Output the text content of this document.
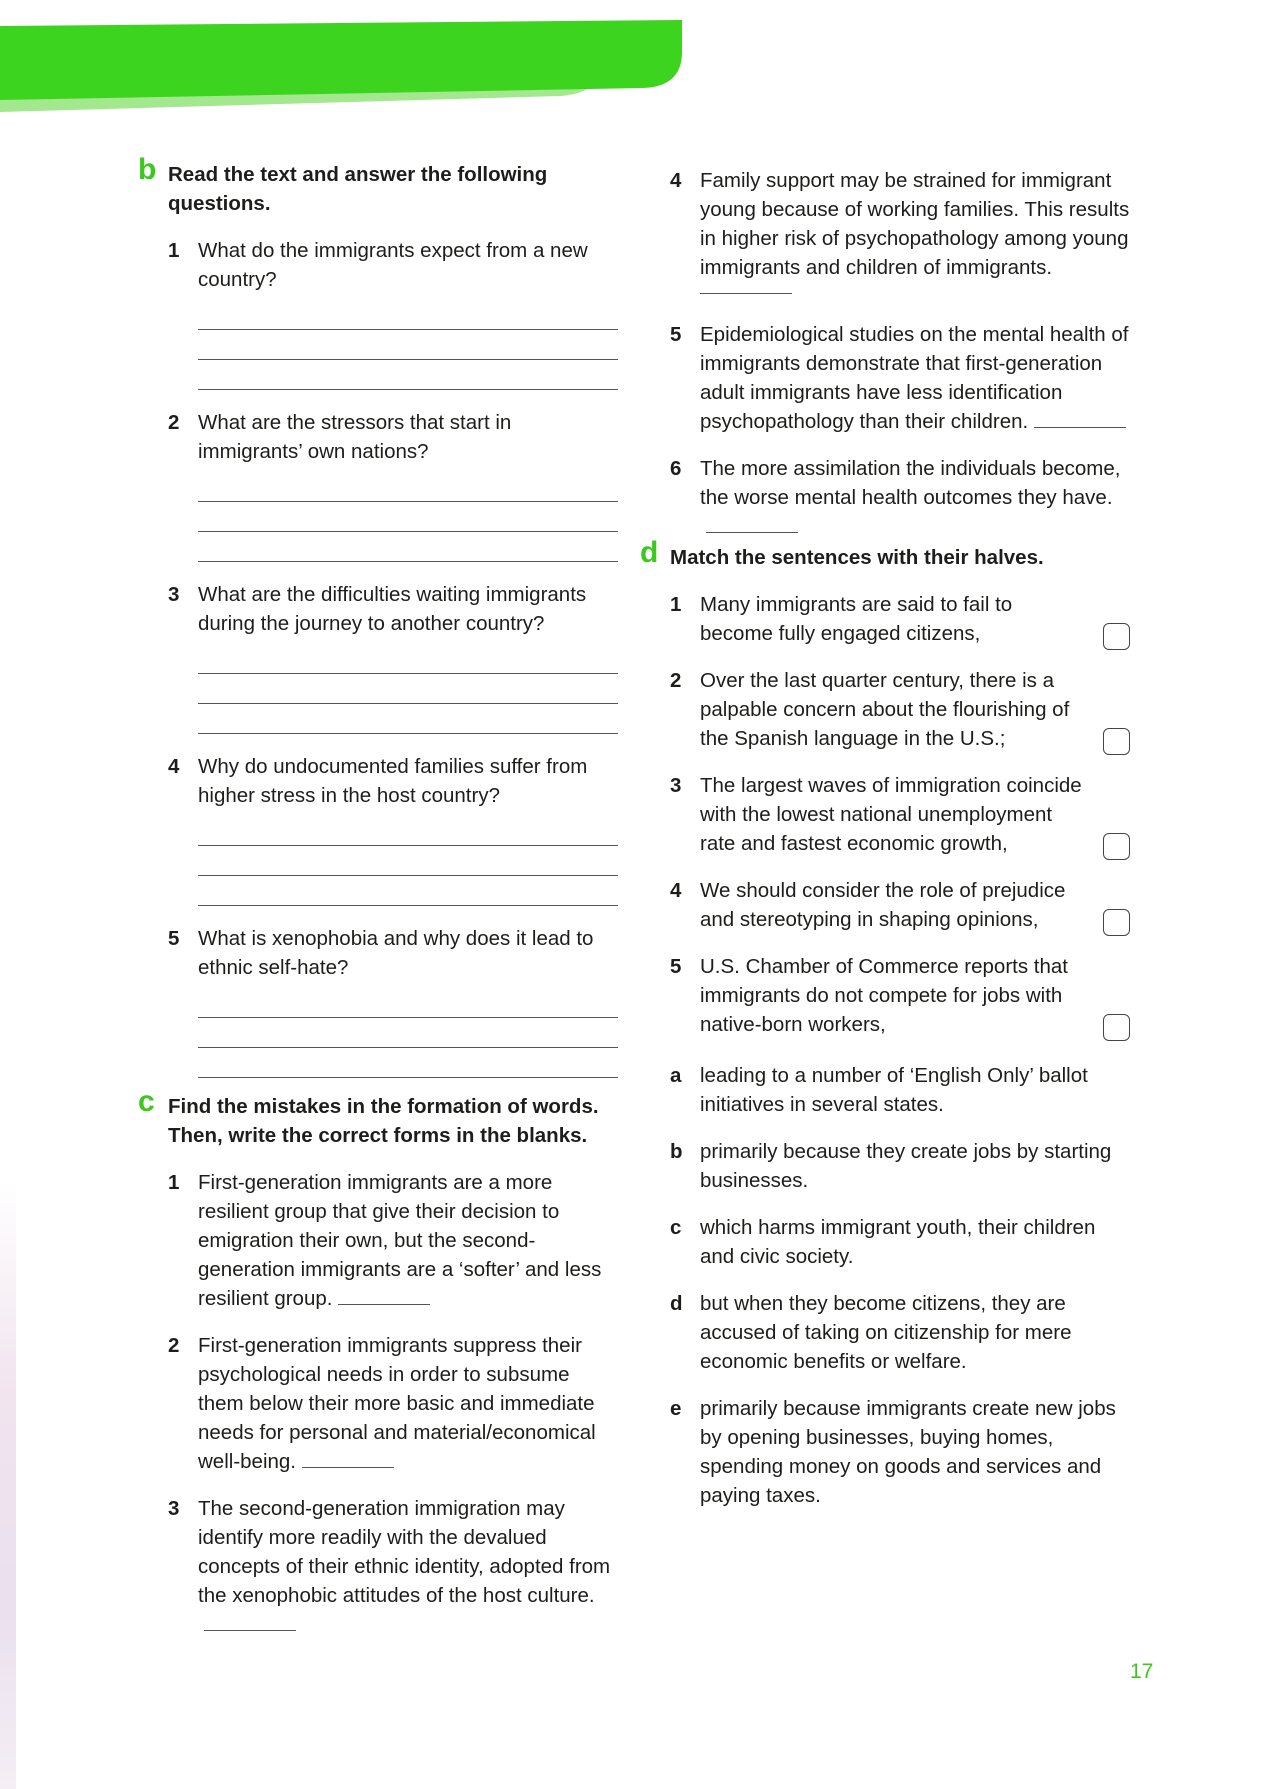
b Read the text and answer the following questions.
1 What do the immigrants expect from a new country?
2 What are the stressors that start in immigrants’ own nations?
3 What are the difficulties waiting immigrants during the journey to another country?
4 Why do undocumented families suffer from higher stress in the host country?
5 What is xenophobia and why does it lead to ethnic self-hate?
c Find the mistakes in the formation of words. Then, write the correct forms in the blanks.
1 First-generation immigrants are a more resilient group that give their decision to emigration their own, but the second-generation immigrants are a ‘softer’ and less resilient group.
2 First-generation immigrants suppress their psychological needs in order to subsume them below their more basic and immediate needs for personal and material/economical well-being.
3 The second-generation immigration may identify more readily with the devalued concepts of their ethnic identity, adopted from the xenophobic attitudes of the host culture.
4 Family support may be strained for immigrant young because of working families. This results in higher risk of psychopathology among young immigrants and children of immigrants.
5 Epidemiological studies on the mental health of immigrants demonstrate that first-generation adult immigrants have less identification psychopathology than their children.
6 The more assimilation the individuals become, the worse mental health outcomes they have.
d Match the sentences with their halves.
1 Many immigrants are said to fail to become fully engaged citizens,
2 Over the last quarter century, there is a palpable concern about the flourishing of the Spanish language in the U.S.;
3 The largest waves of immigration coincide with the lowest national unemployment rate and fastest economic growth,
4 We should consider the role of prejudice and stereotyping in shaping opinions,
5 U.S. Chamber of Commerce reports that immigrants do not compete for jobs with native-born workers,
a leading to a number of ‘English Only’ ballot initiatives in several states.
b primarily because they create jobs by starting businesses.
c which harms immigrant youth, their children and civic society.
d but when they become citizens, they are accused of taking on citizenship for mere economic benefits or welfare.
e primarily because immigrants create new jobs by opening businesses, buying homes, spending money on goods and services and paying taxes.
17
